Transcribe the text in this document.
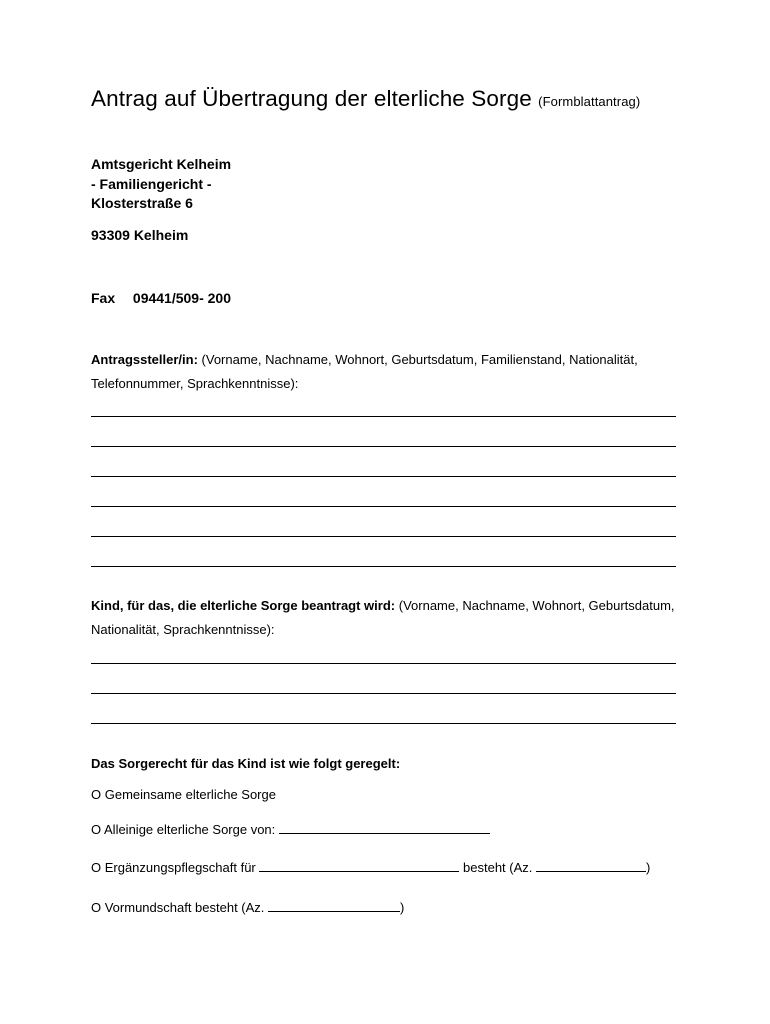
Antrag auf Übertragung der elterliche Sorge (Formblattantrag)
Amtsgericht Kelheim
- Familiengericht -
Klosterstraße 6
93309 Kelheim
Fax 09441/509- 200
Antragssteller/in: (Vorname, Nachname, Wohnort, Geburtsdatum, Familienstand, Nationalität, Telefonnummer, Sprachkenntnisse):
Kind, für das, die elterliche Sorge beantragt wird: (Vorname, Nachname, Wohnort, Geburtsdatum, Nationalität, Sprachkenntnisse):
Das Sorgerecht für das Kind ist wie folgt geregelt:
O Gemeinsame elterliche Sorge
O Alleinige elterliche Sorge von:
O Ergänzungspflegschaft für	besteht (Az.	)
O Vormundschaft besteht (Az.	)
